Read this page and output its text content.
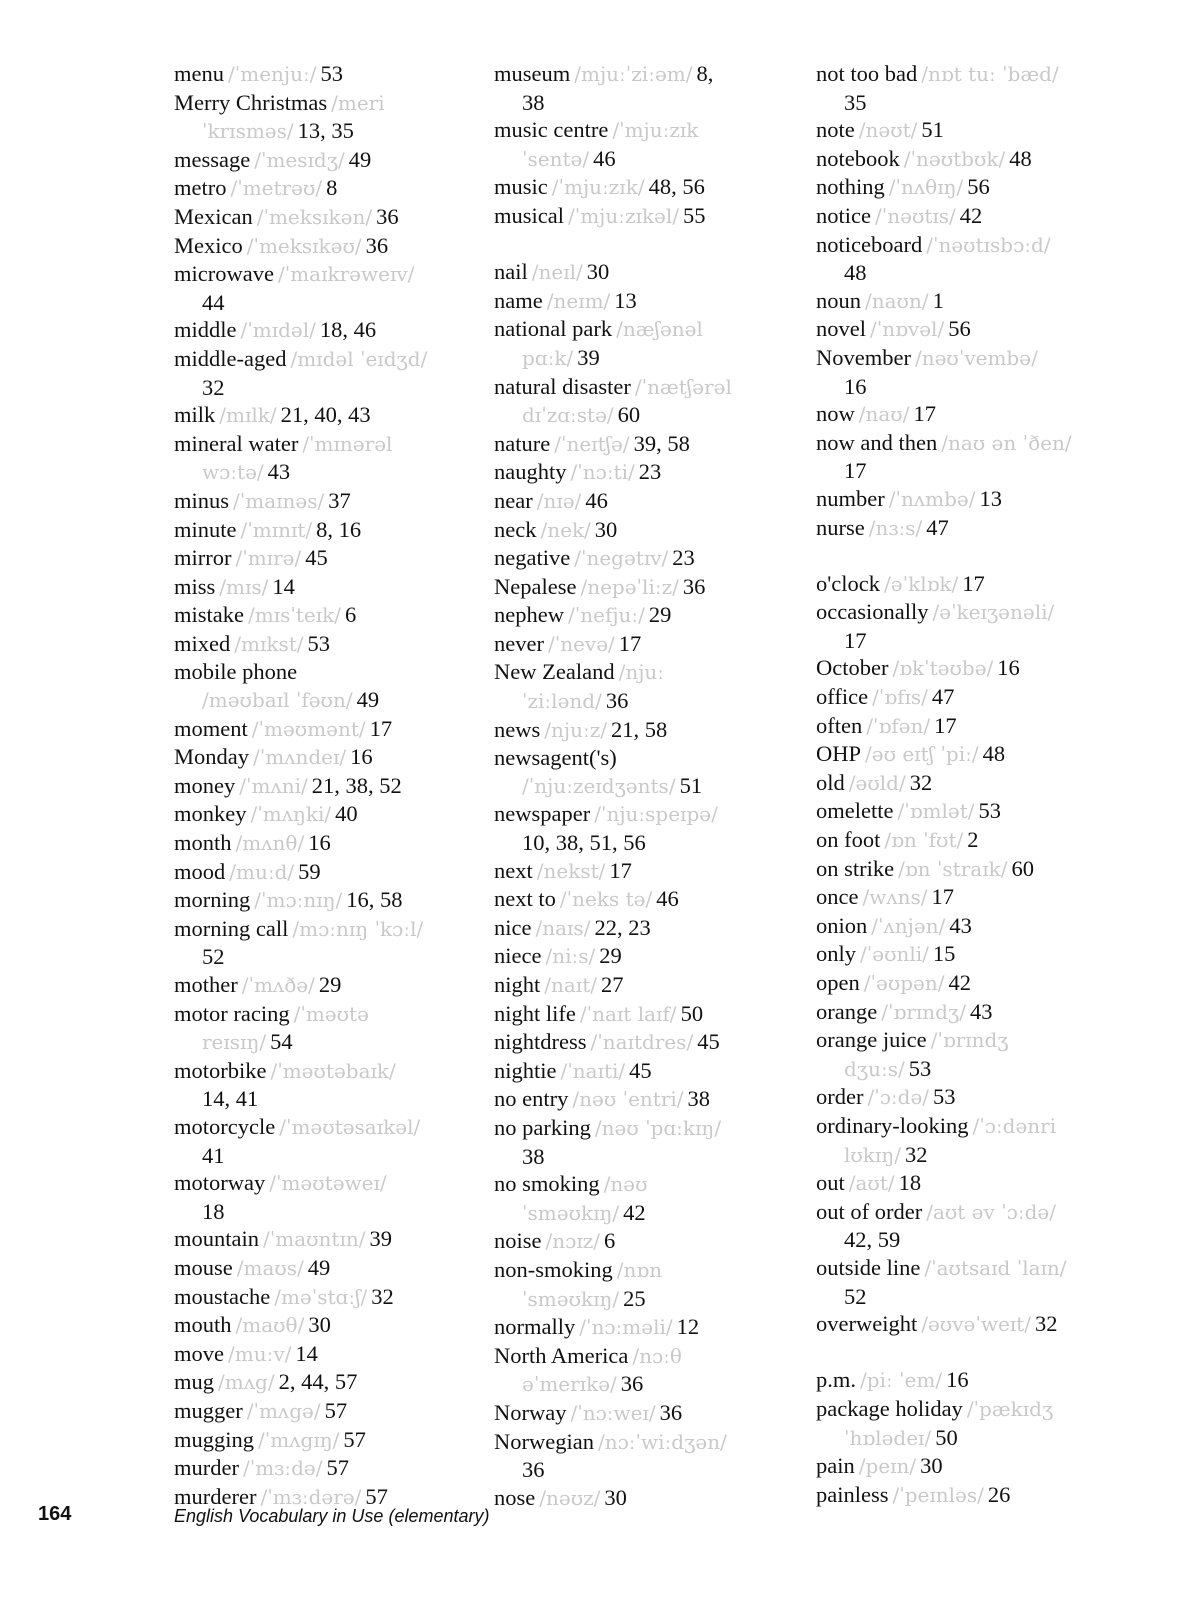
menu /ˈmenjuː/ 53
Merry Christmas /meri
ˈkrɪsməs/ 13, 35
message /ˈmesɪdʒ/ 49
metro /ˈmetrəʊ/ 8
Mexican /ˈmeksɪkən/ 36
Mexico /ˈmeksɪkəʊ/ 36
microwave /ˈmaɪkrəweɪv/
44
middle /ˈmɪdəl/ 18, 46
middle-aged /mɪdəl ˈeɪdʒd/
32
milk /mɪlk/ 21, 40, 43
mineral water /ˈmɪnərəl
wɔːtə/ 43
minus /ˈmaɪnəs/ 37
minute /ˈmɪnɪt/ 8, 16
mirror /ˈmɪrə/ 45
miss /mɪs/ 14
mistake /mɪsˈteɪk/ 6
mixed /mɪkst/ 53
mobile phone
/məʊbaɪl ˈfəʊn/ 49
moment /ˈməʊmənt/ 17
Monday /ˈmʌndeɪ/ 16
money /ˈmʌni/ 21, 38, 52
monkey /ˈmʌŋki/ 40
month /mʌnθ/ 16
mood /muːd/ 59
morning /ˈmɔːnɪŋ/ 16, 58
morning call /mɔːnɪŋ ˈkɔːl/
52
mother /ˈmʌðə/ 29
motor racing /ˈməʊtə
reɪsɪŋ/ 54
motorbike /ˈməʊtəbaɪk/
14, 41
motorcycle /ˈməʊtəsaɪkəl/
41
motorway /ˈməʊtəweɪ/
18
mountain /ˈmaʊntɪn/ 39
mouse /maʊs/ 49
moustache /məˈstɑːʃ/ 32
mouth /maʊθ/ 30
move /muːv/ 14
mug /mʌg/ 2, 44, 57
mugger /ˈmʌgə/ 57
mugging /ˈmʌgɪŋ/ 57
murder /ˈmɜːdə/ 57
murderer /ˈmɜːdərə/ 57
museum /mjuːˈziːəm/ 8,
38
music centre /ˈmjuːzɪk
ˈsentə/ 46
music /ˈmjuːzɪk/ 48, 56
musical /ˈmjuːzɪkəl/ 55
nail /neɪl/ 30
name /neɪm/ 13
national park /næʃənəl
pɑːk/ 39
natural disaster /ˈnætʃərəl
dɪˈzɑːstə/ 60
nature /ˈneɪtʃə/ 39, 58
naughty /ˈnɔːti/ 23
near /nɪə/ 46
neck /nek/ 30
negative /ˈnegətɪv/ 23
Nepalese /nepəˈliːz/ 36
nephew /ˈnefjuː/ 29
never /ˈnevə/ 17
New Zealand /njuː
ˈziːlənd/ 36
news /njuːz/ 21, 58
newsagent('s)
/ˈnjuːzeɪdʒənts/ 51
newspaper /ˈnjuːspeɪpə/
10, 38, 51, 56
next /nekst/ 17
next to /ˈneks tə/ 46
nice /naɪs/ 22, 23
niece /niːs/ 29
night /naɪt/ 27
night life /ˈnaɪt laɪf/ 50
nightdress /ˈnaɪtdres/ 45
nightie /ˈnaɪti/ 45
no entry /nəʊ ˈentri/ 38
no parking /nəʊ ˈpɑːkɪŋ/
38
no smoking /nəʊ
ˈsməʊkɪŋ/ 42
noise /nɔɪz/ 6
non-smoking /nɒn
ˈsməʊkɪŋ/ 25
normally /ˈnɔːməli/ 12
North America /nɔːθ
əˈmerɪkə/ 36
Norway /ˈnɔːweɪ/ 36
Norwegian /nɔːˈwiːdʒən/
36
nose /nəʊz/ 30
not too bad /nɒt tuː ˈbæd/
35
note /nəʊt/ 51
notebook /ˈnəʊtbʊk/ 48
nothing /ˈnʌθɪŋ/ 56
notice /ˈnəʊtɪs/ 42
noticeboard /ˈnəʊtɪsbɔːd/
48
noun /naʊn/ 1
novel /ˈnɒvəl/ 56
November /nəʊˈvembə/
16
now /naʊ/ 17
now and then /naʊ ən ˈðen/
17
number /ˈnʌmbə/ 13
nurse /nɜːs/ 47
o'clock /əˈklɒk/ 17
occasionally /əˈkeɪʒənəli/
17
October /ɒkˈtəʊbə/ 16
office /ˈɒfɪs/ 47
often /ˈɒfən/ 17
OHP /əʊ eɪtʃ ˈpiː/ 48
old /əʊld/ 32
omelette /ˈɒmlət/ 53
on foot /ɒn ˈfʊt/ 2
on strike /ɒn ˈstraɪk/ 60
once /wʌns/ 17
onion /ˈʌnjən/ 43
only /ˈəʊnli/ 15
open /ˈəʊpən/ 42
orange /ˈɒrɪndʒ/ 43
orange juice /ˈɒrɪndʒ
dʒuːs/ 53
order /ˈɔːdə/ 53
ordinary-looking /ˈɔːdənri
lʊkɪŋ/ 32
out /aʊt/ 18
out of order /aʊt əv ˈɔːdə/
42, 59
outside line /ˈaʊtsaɪd ˈlaɪn/
52
overweight /əʊvəˈweɪt/ 32
p.m. /piː ˈem/ 16
package holiday /ˈpækɪdʒ
ˈhɒlədeɪ/ 50
pain /peɪn/ 30
painless /ˈpeɪnləs/ 26
164	English Vocabulary in Use (elementary)
